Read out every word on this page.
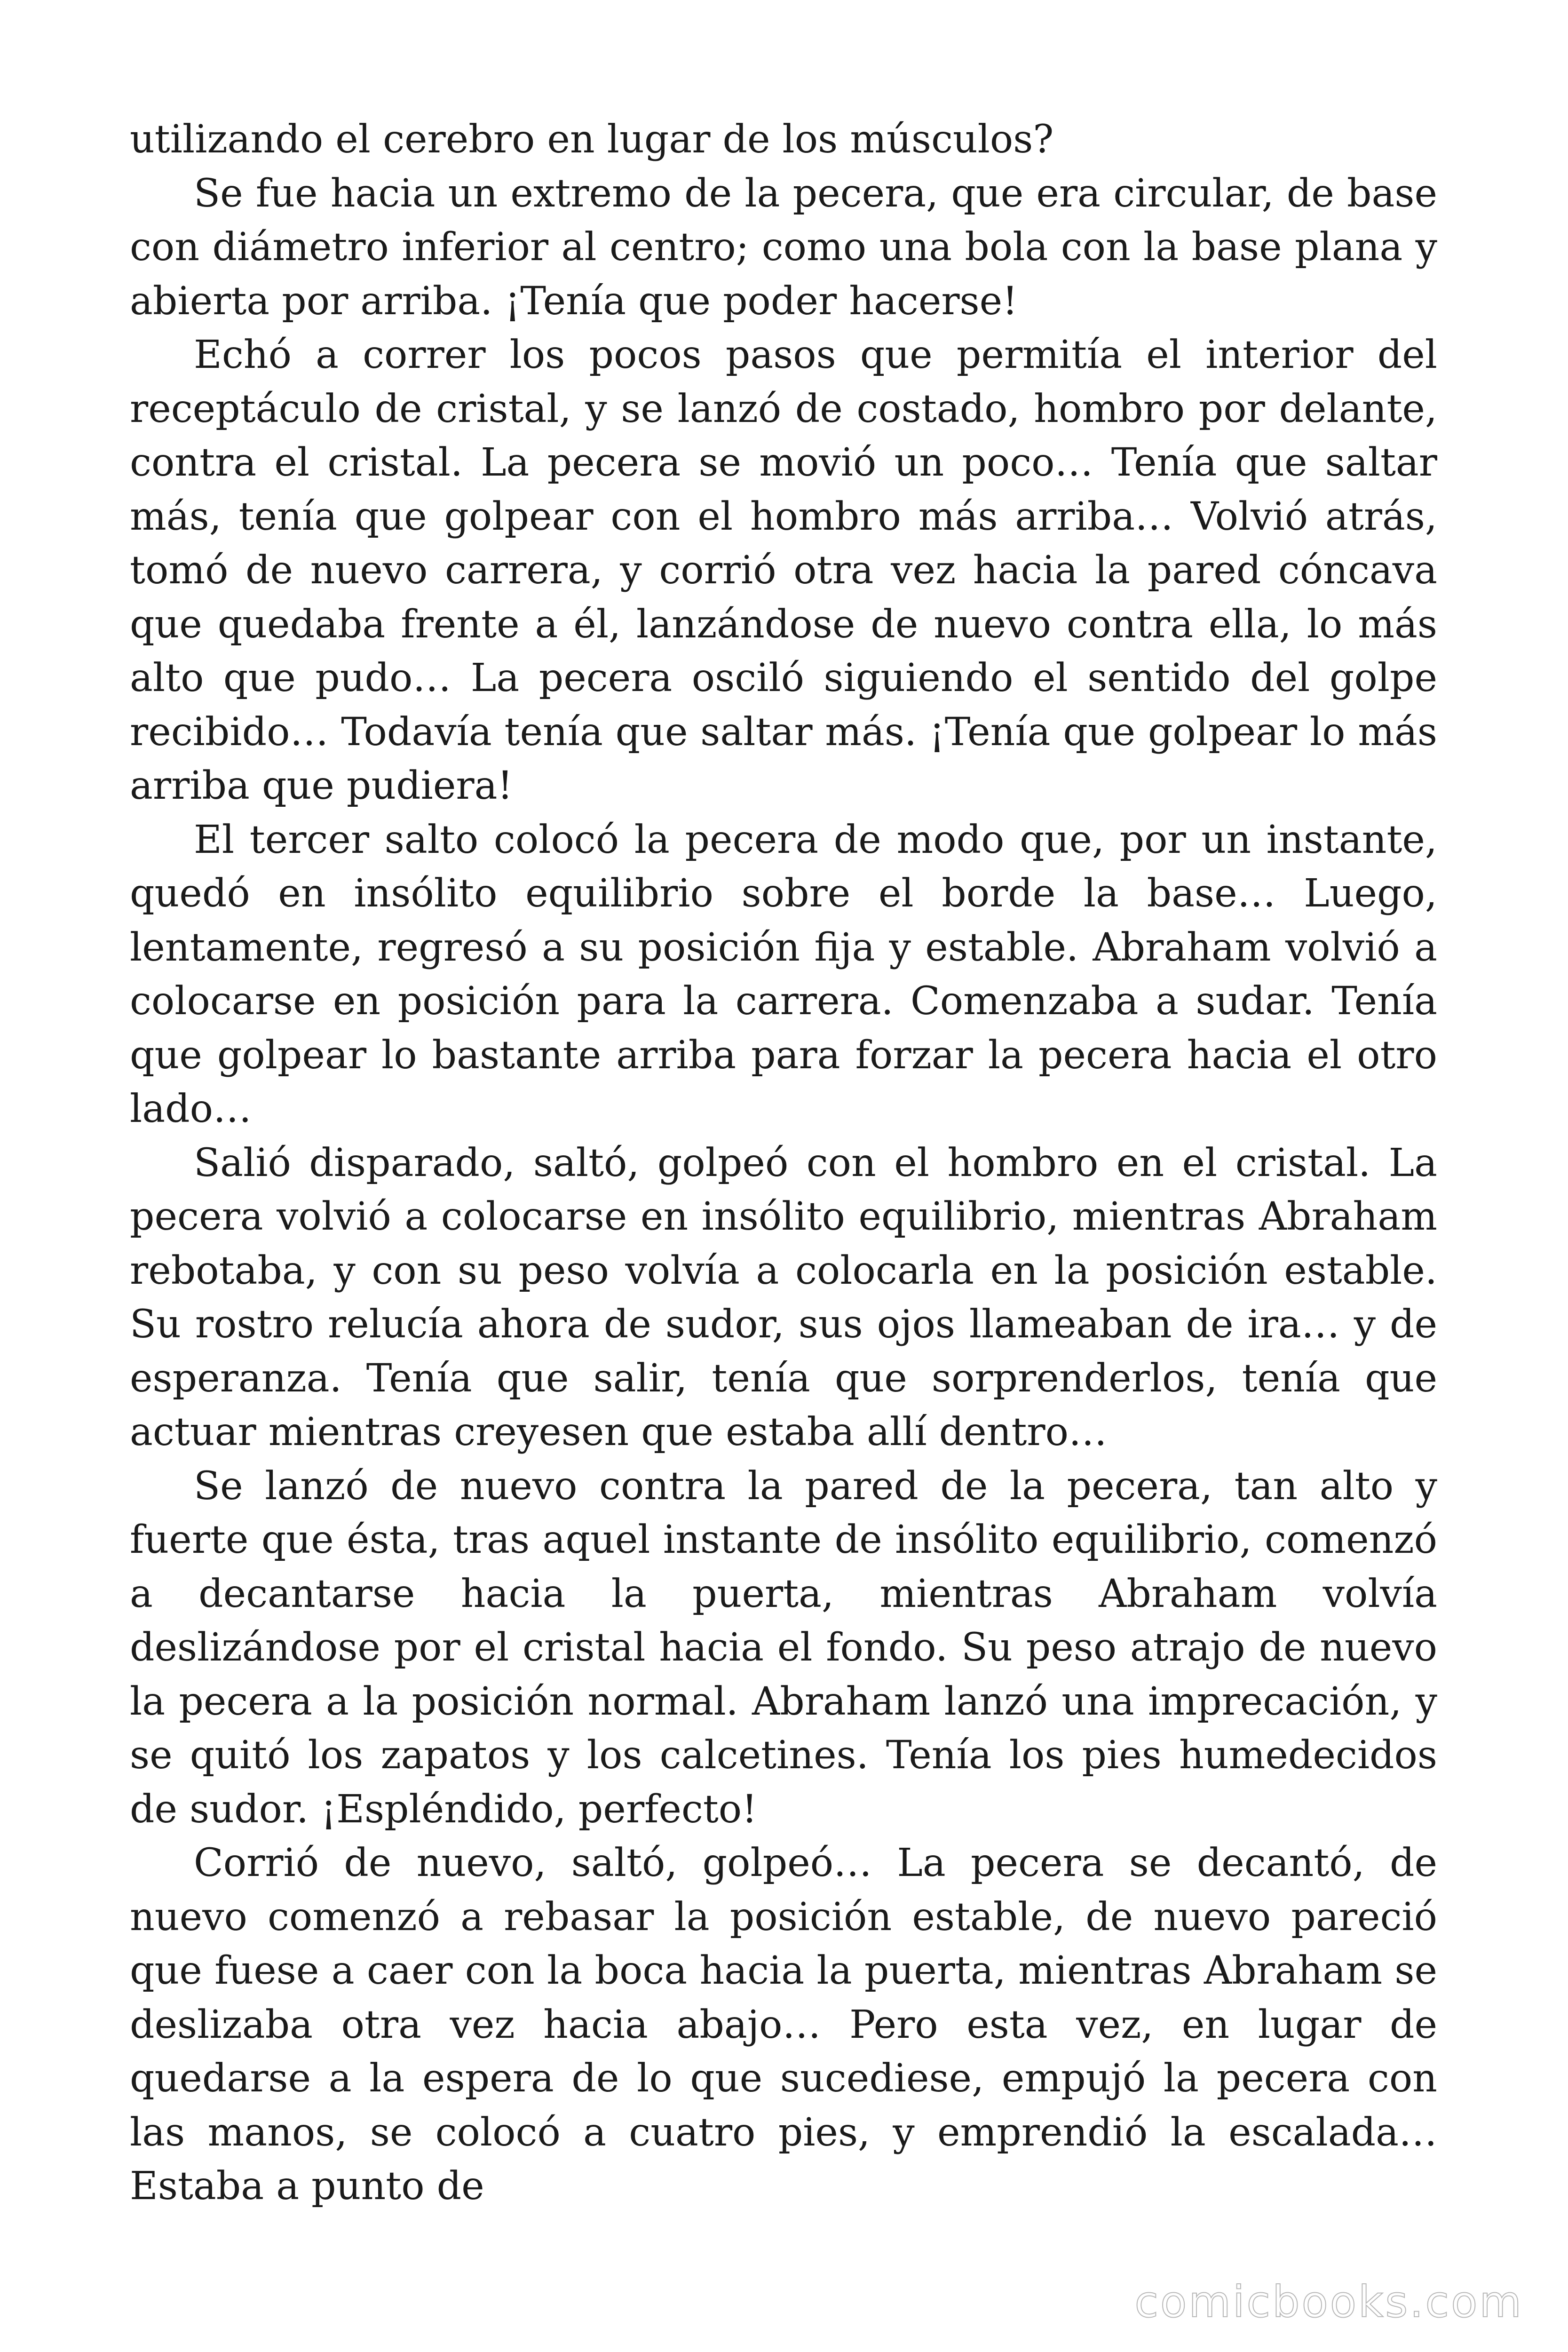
utilizando el cerebro en lugar de los músculos?

Se fue hacia un extremo de la pecera, que era circular, de base con diámetro inferior al centro; como una bola con la base plana y abierta por arriba. ¡Tenía que poder hacerse!

Echó a correr los pocos pasos que permitía el interior del receptáculo de cristal, y se lanzó de costado, hombro por delante, contra el cristal. La pecera se movió un poco… Tenía que saltar más, tenía que golpear con el hombro más arriba… Volvió atrás, tomó de nuevo carrera, y corrió otra vez hacia la pared cóncava que quedaba frente a él, lanzándose de nuevo contra ella, lo más alto que pudo… La pecera osciló siguiendo el sentido del golpe recibido… Todavía tenía que saltar más. ¡Tenía que golpear lo más arriba que pudiera!

El tercer salto colocó la pecera de modo que, por un instante, quedó en insólito equilibrio sobre el borde la base… Luego, lentamente, regresó a su posición fija y estable. Abraham volvió a colocarse en posición para la carrera. Comenzaba a sudar. Tenía que golpear lo bastante arriba para forzar la pecera hacia el otro lado…

Salió disparado, saltó, golpeó con el hombro en el cristal. La pecera volvió a colocarse en insólito equilibrio, mientras Abraham rebotaba, y con su peso volvía a colocarla en la posición estable. Su rostro relucía ahora de sudor, sus ojos llameaban de ira… y de esperanza. Tenía que salir, tenía que sorprenderlos, tenía que actuar mientras creyesen que estaba allí dentro…

Se lanzó de nuevo contra la pared de la pecera, tan alto y fuerte que ésta, tras aquel instante de insólito equilibrio, comenzó a decantarse hacia la puerta, mientras Abraham volvía deslizándose por el cristal hacia el fondo. Su peso atrajo de nuevo la pecera a la posición normal. Abraham lanzó una imprecación, y se quitó los zapatos y los calcetines. Tenía los pies humedecidos de sudor. ¡Espléndido, perfecto!

Corrió de nuevo, saltó, golpeó… La pecera se decantó, de nuevo comenzó a rebasar la posición estable, de nuevo pareció que fuese a caer con la boca hacia la puerta, mientras Abraham se deslizaba otra vez hacia abajo… Pero esta vez, en lugar de quedarse a la espera de lo que sucediese, empujó la pecera con las manos, se colocó a cuatro pies, y emprendió la escalada… Estaba a punto de

comicbooks.com
